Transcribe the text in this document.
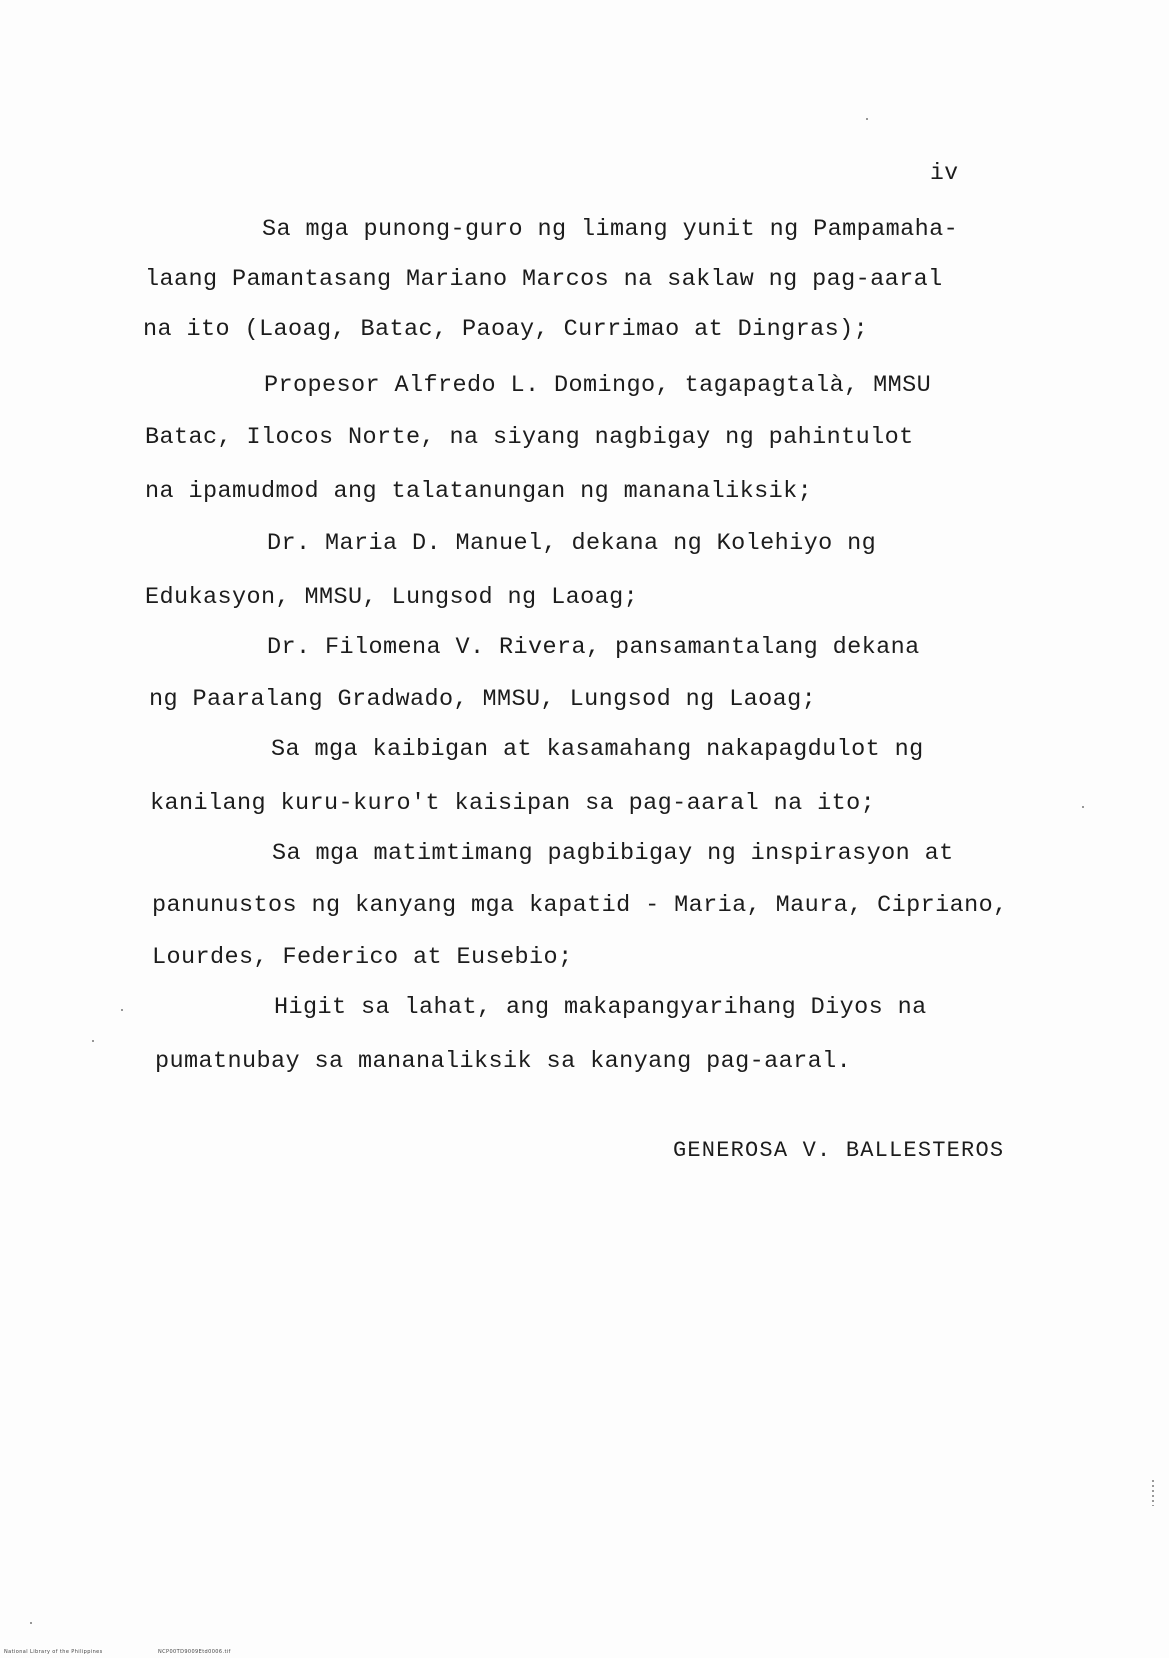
iv
Sa mga punong-guro ng limang yunit ng Pampamaha-
laang Pamantasang Mariano Marcos na saklaw ng pag-aaral
na ito (Laoag, Batac, Paoay, Currimao at Dingras);
Propesor Alfredo L. Domingo, tagapagtalà, MMSU
Batac, Ilocos Norte, na siyang nagbigay ng pahintulot
na ipamudmod ang talatanungan ng mananaliksik;
Dr. Maria D. Manuel, dekana ng Kolehiyo ng
Edukasyon, MMSU, Lungsod ng Laoag;
Dr. Filomena V. Rivera, pansamantalang dekana
ng Paaralang Gradwado, MMSU, Lungsod ng Laoag;
Sa mga kaibigan at kasamahang nakapagdulot ng
kanilang kuru-kuro't kaisipan sa pag-aaral na ito;
Sa mga matimtimang pagbibigay ng inspirasyon at
panunustos ng kanyang mga kapatid - Maria, Maura, Cipriano,
Lourdes, Federico at Eusebio;
Higit sa lahat, ang makapangyarihang Diyos na
pumatnubay sa mananaliksik sa kanyang pag-aaral.
GENEROSA V. BALLESTEROS
National Library of the Philippines	NCP00TD9009Etd0006.tif
